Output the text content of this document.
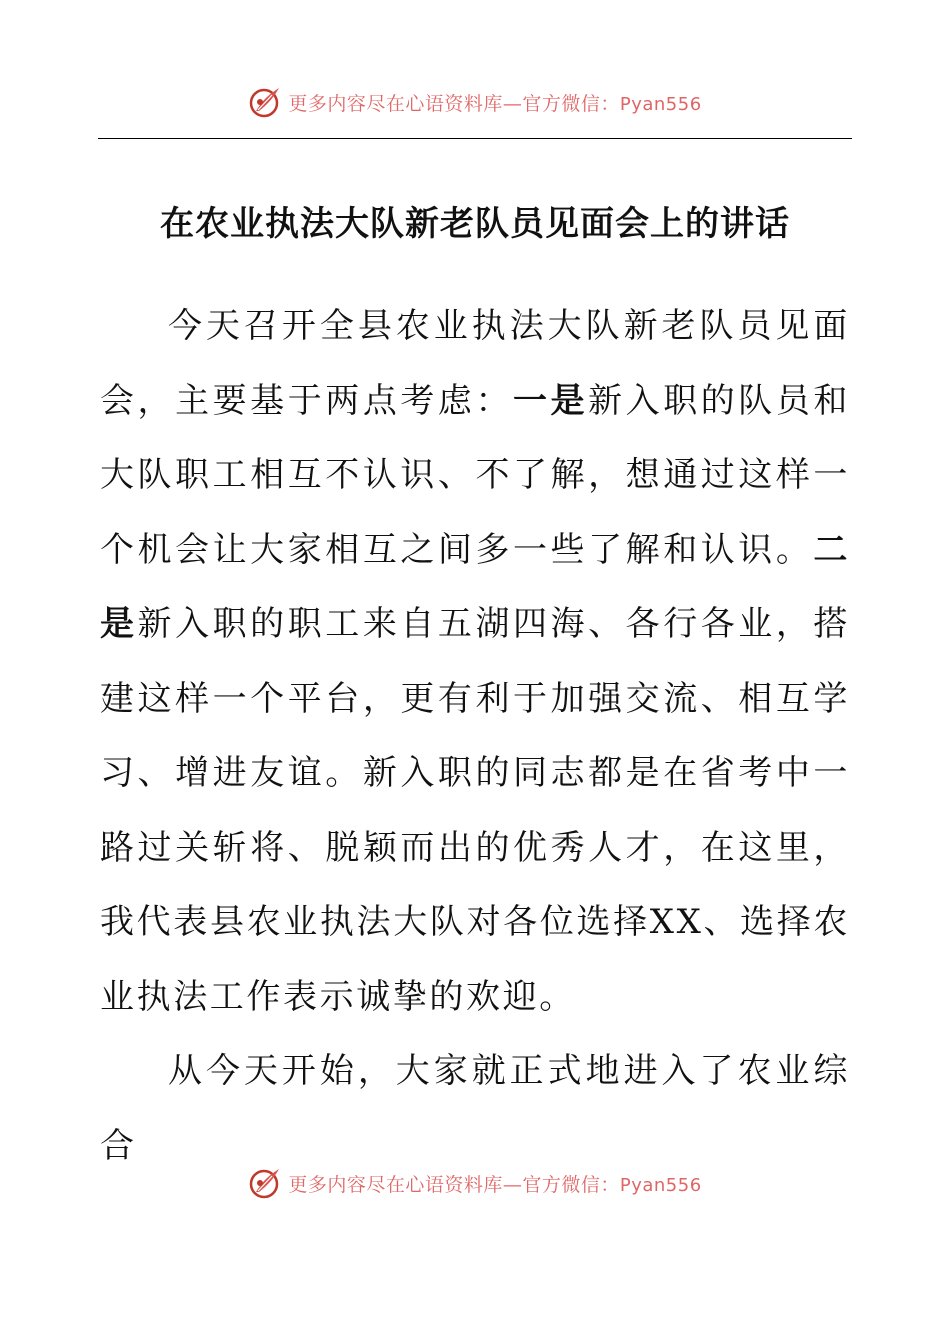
更多内容尽在心语资料库—官方微信：Pyan556
在农业执法大队新老队员见面会上的讲话

今天召开全县农业执法大队新老队员见面会，主要基于两点考虑：一是新入职的队员和大队职工相互不认识、不了解，想通过这样一个机会让大家相互之间多一些了解和认识。二是新入职的职工来自五湖四海、各行各业，搭建这样一个平台，更有利于加强交流、相互学习、增进友谊。新入职的同志都是在省考中一路过关斩将、脱颖而出的优秀人才，在这里，我代表县农业执法大队对各位选择XX、选择农业执法工作表示诚挚的欢迎。

从今天开始，大家就正式地进入了农业综合

更多内容尽在心语资料库—官方微信：Pyan556
